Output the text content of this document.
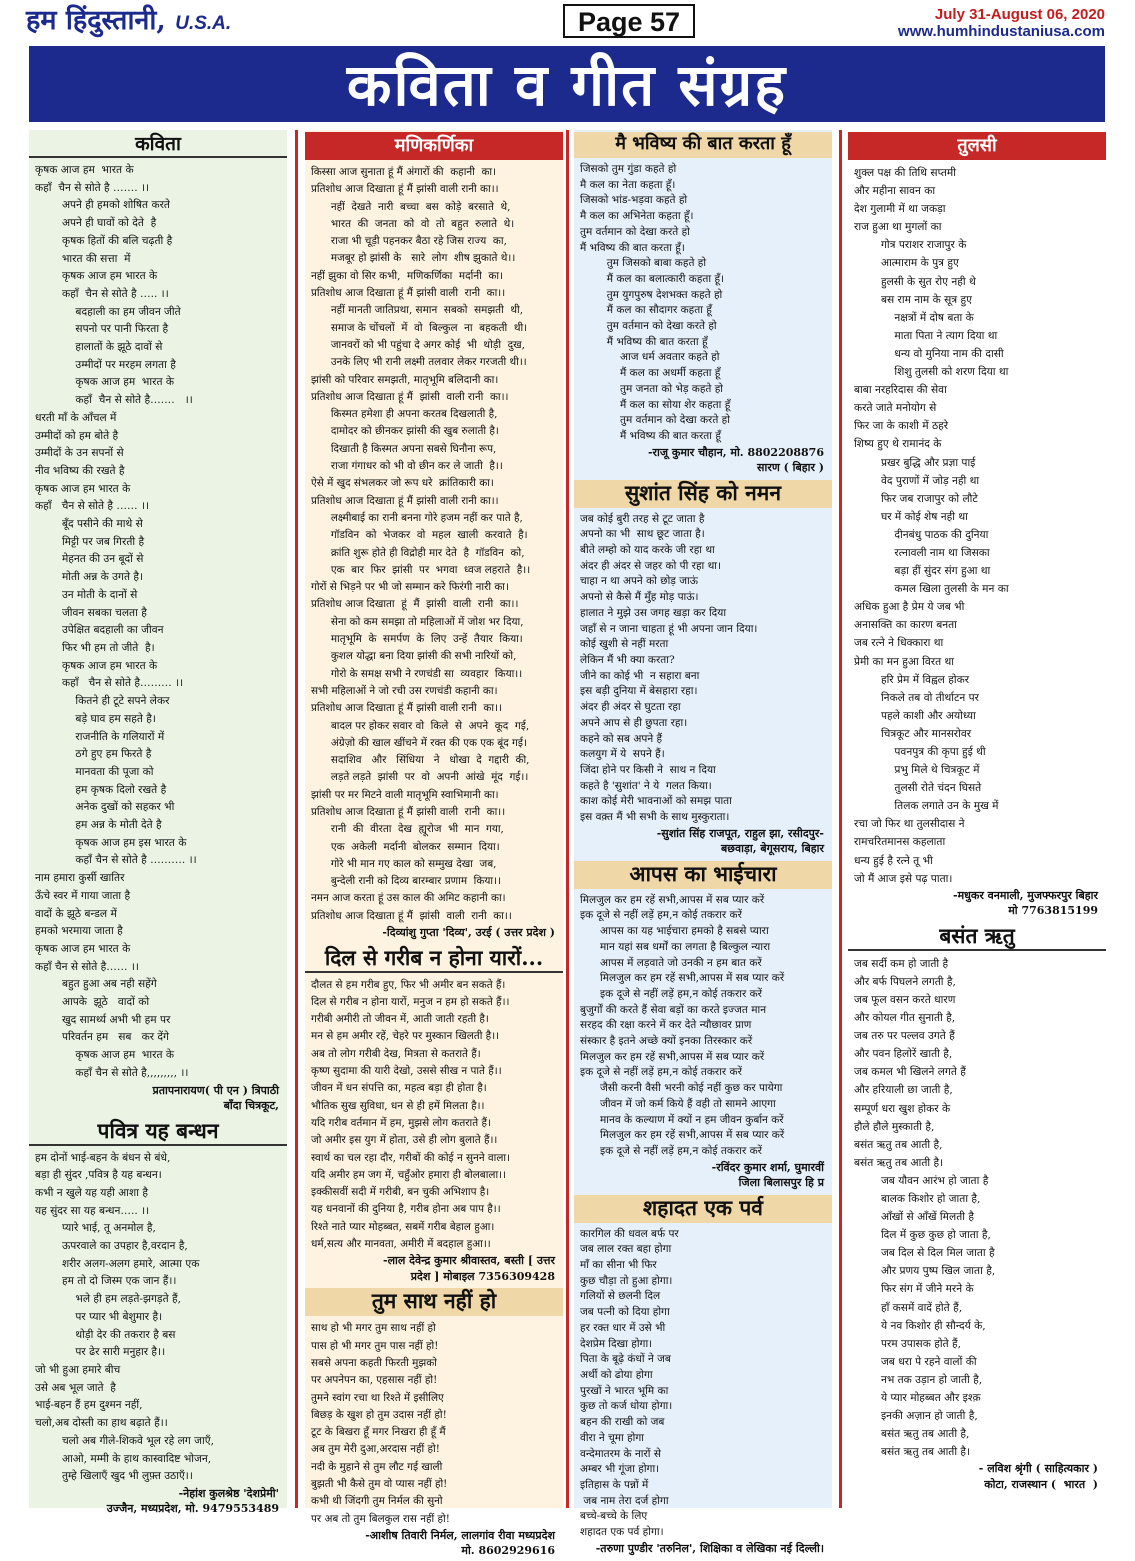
हम हिंदुस्तानी, U.S.A.	Page 57	July 31-August 06, 2020
www.humhindustaniusa.com
कविता व गीत संग्रह
कविता
कृषक आज हम  भारत के
कहाँ  चैन से सोते है ……. ।।
अपने ही हमको शोषित करते
अपने ही घावों को देते  है
कृषक हितों की बलि चढ़ती है
भारत की सत्ता  में
कृषक आज हम भारत के
कहाँ  चैन से सोते है ….. ।।
बदहाली का हम जीवन जीते
सपनो पर पानी फिरता है
हालातों के झूठे दावों से
उम्मीदों पर मरहम लगता है
कृषक आज हम  भारत के
कहाँ  चैन से सोते है…….   ।।
धरती माँ के आँचल में
उम्मीदों को हम बोते है
उम्मीदों के उन सपनों से
नीव भविष्य की रखते है
कृषक आज हम भारत के
कहाँ   चैन से सोते है …… ।।
बूँद पसीने की माथे से
मिट्टी पर जब गिरती है
मेहनत की उन बूदों से
मोती अन्न के उगते है।
उन मोती के दानों से
जीवन सबका चलता है
उपेक्षित बदहाली का जीवन
फिर भी हम तो जीते  है।
कृषक आज हम भारत के
कहाँ   चैन से सोते है……… ।।
कितने ही टूटे सपने लेकर
बड़े घाव हम सहते है।
राजनीति के गलियारों में
ठगे हुए हम फिरते है
मानवता की पूजा को
हम कृषक दिलो रखते है
अनेक दुखों को सहकर भी
हम अन्न के मोती देते है
कृषक आज हम इस भारत के
कहाँ चैन से सोते है ………. ।।
नाम हमारा कुर्सी खातिर
ऊँचे स्वर में गाया जाता है
वादों के झूठे बन्डल में
हमको भरमाया जाता है
कृषक आज हम भारत के
कहाँ चैन से सोते है…… ।।
बहुत हुआ अब नही सहेंगे
आपके  झूठे   वादों को
खुद सामर्थ्य अभी भी हम पर
परिवर्तन हम   सब   कर देंगे
कृषक आज हम  भारत के
कहाँ चैन से सोते है,,,,,,,,, ।।
प्रतापनारायण( पी एन ) त्रिपाठी
बाँदा चित्रकूट,
पवित्र यह बन्धन
हम दोनों भाई-बहन के बंधन से बंधे,
बड़ा ही सुंदर ,पवित्र है यह बन्धन।
कभी न खुले यह यही आशा है
यह सुंदर सा यह बन्धन….. ।।
प्यारे भाई, तू अनमोल है,
ऊपरवाले का उपहार है,वरदान है,
शरीर अलग-अलग हमारे, आत्मा एक
हम तो दो जिस्म एक जान हैं।।
भले ही हम लड़ते-झगड़ते हैं,
पर प्यार भी बेशुमार है।
थोड़ी देर की तकरार है बस
पर ढेर सारी मनुहार है।।
जो भी हुआ हमारे बीच
उसे अब भूल जाते  है
भाई-बहन हैं हम दुश्मन नहीं,
चलो,अब दोस्ती का हाथ बढ़ाते हैं।।
चलो अब गीले-शिकवे भूल रहे लग जाएँ,
आओ, मम्मी के हाथ कास्वादिष्ट भोजन,
तुम्हे खिलाएँ खुद भी लुफ़्त उठाएँ।।
-नेहांश कुलश्रेष्ठ 'देशप्रेमी'
उज्जैन, मध्यप्रदेश, मो. 9479553489
मणिकर्णिका
किस्सा आज सुनाता हूं मैं अंगारों की  कहानी  का।
प्रतिशोध आज दिखाता हूं मैं झांसी वाली रानी का।।
नहीं  देखते  नारी  बच्चा  बस  कोड़े  बरसाते  थे,
भारत  की  जनता  को  वो  तो  बहुत  रुलाते  थे।
राजा भी चूड़ी पहनकर बैठा रहे जिस राज्य  का,
मजबूर हो झांसी के   सारे  लोग  शीष झुकाते थे।।
नहीं झुका वो सिर कभी,  मणिकर्णिका  मर्दानी  का।
प्रतिशोध आज दिखाता हूं मैं झांसी वाली  रानी  का।।
नहीं मानती जातिप्रथा, समान  सबको  समझती  थी,
समाज के चोंचलों  में  वो  बिल्कुल  ना  बहकती  थी।
जानवरों को भी पहुंचा दे अगर कोई  भी  थोड़ी  दुख,
उनके लिए भी रानी लक्ष्मी तलवार लेकर गरजती थी।।
झांसी को परिवार समझती, मातृभूमि बलिदानी का।
प्रतिशोध आज दिखाता हूं मैं  झांसी  वाली रानी  का।।
किस्मत हमेशा ही अपना करतब दिखलाती है,
दामोदर को छीनकर झांसी की खुब रुलाती है।
दिखाती है किस्मत अपना सबसे घिनौना रूप,
राजा गंगाधर को भी वो छीन कर ले जाती  है।।
ऐसे में खुद संभलकर जो रूप धरे  क्रांतिकारी का।
प्रतिशोध आज दिखाता हूं मैं झांसी वाली रानी का।।
लक्ष्मीबाई का रानी बनना गोरे हजम नहीं कर पाते है,
गॉडविन  को  भेजकर  वो  महल  खाली  करवाते  है।
क्रांति शुरू होते ही विद्रोही मार देते  है  गॉडविन  को,
एक  बार  फिर  झांसी  पर  भगवा  ध्वज लहराते  है।।
गोरों से भिड़ने पर भी जो सम्मान करे फिरंगी नारी का।
प्रतिशोध आज दिखाता  हूं  मैं  झांसी  वाली  रानी  का।।
सेना को कम समझा तो महिलाओं में जोश भर दिया,
मातृभूमि  के  समर्पण  के  लिए  उन्हें  तैयार  किया।
कुशल योद्धा बना दिया झांसी की सभी नारियों को,
गोरो के समक्ष सभी ने रणचंडी सा  व्यवहार  किया।।
सभी महिलाओं ने जो रची उस रणचंडी कहानी का।
प्रतिशोध आज दिखाता हूं मैं झांसी वाली रानी  का।।
बादल पर होकर सवार वो  किले  से  अपने  कूद  गई,
अंग्रेज़ो की खाल खींचने में रक्त की एक एक बूंद गई।
सदाशिव   और   सिंधिया   ने   धोखा  दे  गद्दारी  की,
लड़ते लड़ते  झांसी  पर  वो  अपनी  आंखे  मूंद  गई।।
झांसी पर मर मिटने वाली मातृभूमि स्वाभिमानी का।
प्रतिशोध आज दिखाता हूं मैं झांसी वाली  रानी  का।।
रानी  की  वीरता  देख  ह्यूरोज  भी  मान  गया,
एक  अकेली  मर्दानी  बोलकर  सम्मान  दिया।
गोरे भी मान गए काल को सम्मुख देखा  जब,
बुन्देली रानी को दिव्य बारम्बार प्रणाम  किया।।
नमन आज करता हूं उस काल की अमिट कहानी का।
प्रतिशोध आज दिखाता हूं मैं  झांसी  वाली  रानी  का।।
-दिव्यांशु गुप्ता 'दिव्य', उरई ( उत्तर प्रदेश )
दिल से गरीब न होना यारों...
दौलत से हम गरीब हुए, फिर भी अमीर बन सकते हैं।
दिल से गरीब न होना यारों, मनुज न हम हो सकते हैं।।
गरीबी अमीरी तो जीवन में, आती जाती रहती है।
मन से हम अमीर रहें, चेहरे पर मुस्कान खिलती है।।
अब तो लोग गरीबी देख, मित्रता से कतराते हैं।
कृष्ण सुदामा की यारी देखो, उससे सीख न पाते हैं।।
जीवन में धन संपत्ति का, महत्व बड़ा ही होता है।
भौतिक सुख सुविधा, धन से ही हमें मिलता है।।
यदि गरीब वर्तमान में हम, मुझसे लोग कतराते हैं।
जो अमीर इस युग में होता, उसे ही लोग बुलाते हैं।।
स्वार्थ का चल रहा दौर, गरीबों की कोई न सुनने वाला।
यदि अमीर हम जग में, चहुँओर हमारा ही बोलबाला।।
इक्कीसवीं सदी में गरीबी, बन चुकी अभिशाप है।
यह धनवानों की दुनिया है, गरीब होना अब पाप है।।
रिश्ते नाते प्यार मोहब्बत, सबमें गरीब बेहाल हुआ।
धर्म,सत्य और मानवता, अमीरी में बदहाल हुआ।।
-लाल देवेन्द्र कुमार श्रीवास्तव, बस्ती [ उत्तर
प्रदेश ] मोबाइल 7356309428
तुम साथ नहीं हो
साथ हो भी मगर तुम साथ नहीं हो
पास हो भी मगर तुम पास नहीं हो!
सबसे अपना कहती फिरती मुझको
पर अपनेपन का, एहसास नहीं हो!
तुमने स्वांग रचा था रिश्ते में इसीलिए
बिछड़ के खुश हो तुम उदास नहीं हो!
टूट के बिखरा हूँ मगर निखरा ही हूँ मैं
अब तुम मेरी दुआ,अरदास नहीं हो!
नदी के मुहाने से तुम लौट गई खाली
बुझती भी कैसे तुम वो प्यास नहीं हो!
कभी थी जिंदगी तुम निर्मल की सुनो
पर अब तो तुम बिलकुल रास नहीं हो!
-आशीष तिवारी निर्मल, लालगांव रीवा मध्यप्रदेश
मो. 8602929616
मै भविष्य की बात करता हूँ
जिसको तुम गुंडा कहते हो
मै कल का नेता कहता हूँ।
जिसको भांड-भड़वा कहते हो
मै कल का अभिनेता कहता हूँ।
तुम वर्तमान को देखा करते हो
मैं भविष्य की बात करता हूँ।
तुम जिसको बाबा कहते हो
मैं कल का बलात्कारी कहता हूँ।
तुम युगपुरुष देशभक्त कहते हो
मैं कल का सौदागर कहता हूँ
तुम वर्तमान को देखा करते हो
मैं भविष्य की बात करता हूँ
आज धर्म अवतार कहते हो
मैं कल का अधर्मी कहता हूँ
तुम जनता को भेड़ कहते हो
मैं कल का सोया शेर कहता हूँ
तुम वर्तमान को देखा करते हो
मैं भविष्य की बात करता हूँ
-राजू कुमार चौहान, मो. 8802208876
सारण ( बिहार )
सुशांत सिंह को नमन
जब कोई बुरी तरह से टूट जाता है
अपनो का भी  साथ छूट जाता है।
बीते लम्हो को याद करके जी रहा था
अंदर ही अंदर से जहर को पी रहा था।
चाहा न था अपने को छोड़ जाऊं
अपनो से कैसे मैं मुँह मोड़ पाऊं।
हालात ने मुझे उस जगह खड़ा कर दिया
जहाँ से न जाना चाहता हूं भी अपना जान दिया।
कोई खुशी से नहीं मरता
लेकिन मैं भी क्या करता?
जीने का कोई भी  न सहारा बना
इस बड़ी दुनिया में बेसहारा रहा।
अंदर ही अंदर से घुटता रहा
अपने आप से ही छुपता रहा।
कहने को सब अपने हैं
कलयुग में ये  सपने हैं।
जिंदा होने पर किसी ने  साथ न दिया
कहते है 'सुशांत' ने ये  गलत किया।
काश कोई मेरी भावनाओं को समझ पाता
इस वक़्त मैं भी सभी के साथ मुस्कुराता।
-सुशांत सिंह राजपूत, राहुल झा, रसीदपुर-
बछवाड़ा, बेगूसराय, बिहार
आपस का भाईचारा
मिलजुल कर हम रहें सभी,आपस में सब प्यार करें
इक दूजे से नहीं लड़ें हम,न कोई तकरार करें
आपस का यह भाईचारा हमको है सबसे प्यारा
मान यहां सब धर्मों का लगता है बिल्कुल न्यारा
आपस में लड़वाते जो उनकी न हम बात करें
मिलजुल कर हम रहें सभी,आपस में सब प्यार करें
इक दूजे से नहीं लड़ें हम,न कोई तकरार करें
बुजुर्गों की करते हैं सेवा बड़ों का करते इज्जत मान
सरहद की रक्षा करने में कर देते न्यौछावर प्राण
संस्कार है इतने अच्छे क्यों इनका तिरस्कार करें
मिलजुल कर हम रहें सभी,आपस में सब प्यार करें
इक दूजे से नहीं लड़ें हम,न कोई तकरार करें
जैसी करनी वैसी भरनी कोई नहीं कुछ कर पायेगा
जीवन में जो कर्म किये हैं वही तो सामने आएगा
मानव के कल्याण में क्यों न हम जीवन कुर्बान करें
मिलजुल कर हम रहें सभी,आपस में सब प्यार करें
इक दूजे से नहीं लड़ें हम,न कोई तकरार करें
-रविंदर कुमार शर्मा, घुमारवीं
जिला बिलासपुर हि प्र
शहादत एक पर्व
कारगिल की धवल बर्फ पर
जब लाल रक्त बहा होगा
माँ का सीना भी फिर
कुछ चौड़ा तो हुआ होगा।
गलियों से छलनी दिल
जब पत्नी को दिया होगा
हर रक्त धार में उसे भी
देशप्रेम दिखा होगा।
पिता के बूढ़े कंधों ने जब
अर्थी को ढोया होगा
पुरखों ने भारत भूमि का
कुछ तो कर्ज धोया होगा।
बहन की राखी को जब
वीरा ने चूमा होगा
वन्देमातरम के नारों से
अम्बर भी गूंजा होगा।
इतिहास के पन्नों में
जब नाम तेरा दर्ज होगा
बच्चे-बच्चे के लिए
शहादत एक पर्व होगा।
-तरुणा पुण्डीर 'तरुनिल', शिक्षिका व लेखिका नई दिल्ली।
तुलसी
शुक्ल पक्ष की तिथि सप्तमी
और महीना सावन का
देश गुलामी में था जकड़ा
राज हुआ था मुगलों का
गोत्र पराशर राजापुर के
आत्माराम के पुत्र हुए
हुलसी के सुत रोए नही थे
बस राम नाम के सूत्र हुए
नक्षत्रों में दोष बता के
माता पिता ने त्याग दिया था
धन्य वो मुनिया नाम की दासी
शिशु तुलसी को शरण दिया था
बाबा नरहरिदास की सेवा
करते जाते मनोयोग से
फिर जा के काशी में ठहरे
शिष्य हुए थे रामानंद के
प्रखर बुद्धि और प्रज्ञा पाई
वेद पुराणों में जोड़ नही था
फिर जब राजापुर को लौटे
घर में कोई शेष नही था
दीनबंधु पाठक की दुनिया
रत्नावली नाम था जिसका
बड़ा हीं सुंदर संग हुआ था
कमल खिला तुलसी के मन का
अधिक हुआ है प्रेम ये जब भी
अनासक्ति का कारण बनता
जब रत्ने ने धिक्कारा था
प्रेमी का मन हुआ विरत था
हरि प्रेम में विह्वल होकर
निकले तब वो तीर्थाटन पर
पहले काशी और अयोध्या
चित्रकूट और मानसरोवर
पवनपुत्र की कृपा हुई थी
प्रभु मिले थे चित्रकूट में
तुलसी रोते चंदन घिसते
तिलक लगाते उन के मुख में
रचा जो फिर था तुलसीदास ने
रामचरितमानस कहलाता
धन्य हुई है रत्ने तू भी
जो मैं आज इसे पढ़ पाता।
-मधुकर वनमाली, मुजफ्फरपुर बिहार
मो 7763815199
बसंत ऋतु
जब सर्दी कम हो जाती है
और बर्फ पिघलने लगती है,
जब फूल वसन करते धारण
और कोयल गीत सुनाती है,
जब तरु पर पल्लव उगते हैं
और पवन हिलोरें खाती है,
जब कमल भी खिलने लगते हैं
और हरियाली छा जाती है,
सम्पूर्ण धरा खुश होकर के
हौले हौले मुस्काती है,
बसंत ऋतु तब आती है,
बसंत ऋतु तब आती है।
जब यौवन आरंभ हो जाता है
बालक किशोर हो जाता है,
आँखों से आँखें मिलती है
दिल में कुछ कुछ हो जाता है,
जब दिल से दिल मिल जाता है
और प्रणय पुष्प खिल जाता है,
फिर संग में जीने मरने के
हाँ कसमें वादें होते हैं,
ये नव किशोर ही सौन्दर्य के,
परम उपासक होते हैं,
जब धरा पे रहने वालों की
नभ तक उड़ान हो जाती है,
ये प्यार मोहब्बत और इश्क़
इनकी अज़ान हो जाती है,
बसंत ऋतु तब आती है,
बसंत ऋतु तब आती है।
- लविश श्रृंगी ( साहित्यकार )
कोटा, राजस्थान (  भारत  )
